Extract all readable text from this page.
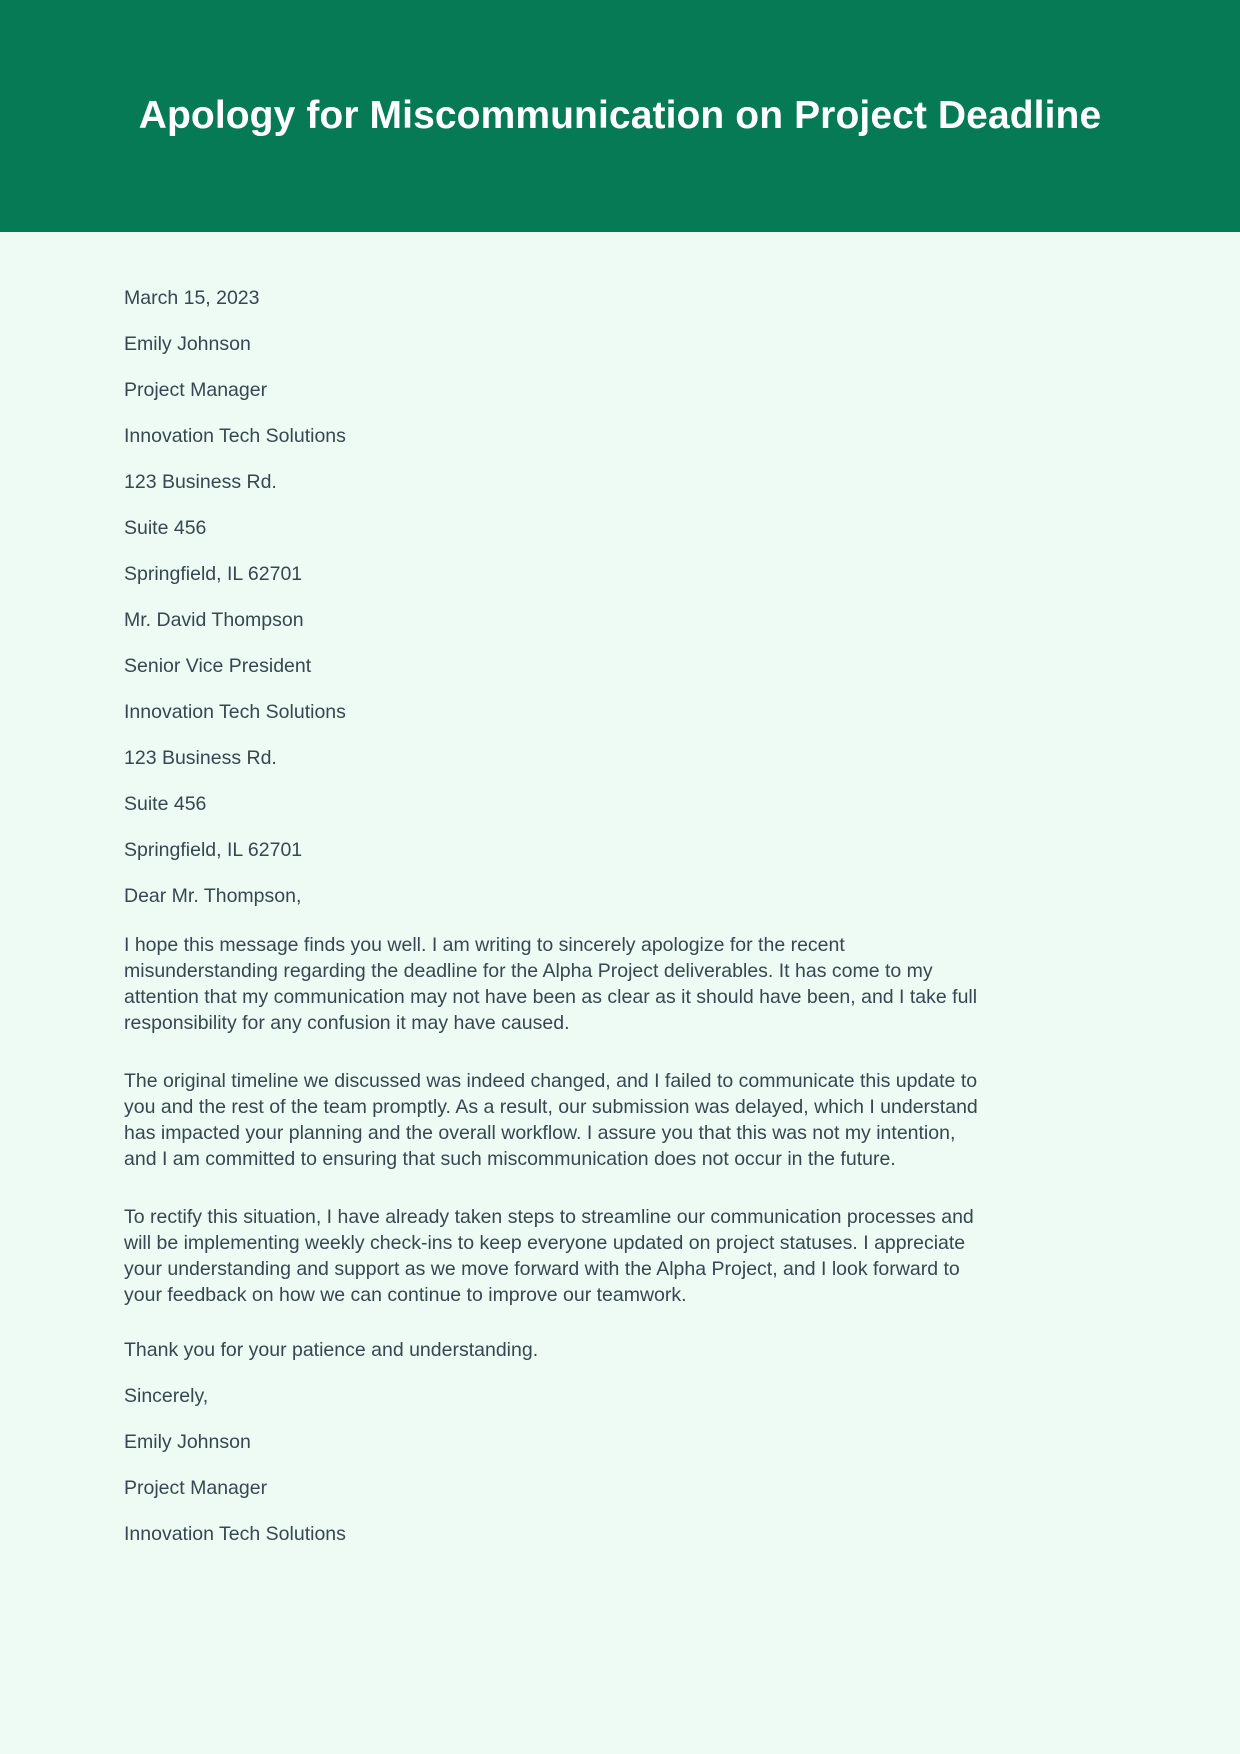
Apology for Miscommunication on Project Deadline

March 15, 2023

Emily Johnson

Project Manager

Innovation Tech Solutions

123 Business Rd.

Suite 456

Springfield, IL 62701

Mr. David Thompson

Senior Vice President

Innovation Tech Solutions

123 Business Rd.

Suite 456

Springfield, IL 62701

Dear Mr. Thompson,

I hope this message finds you well. I am writing to sincerely apologize for the recent misunderstanding regarding the deadline for the Alpha Project deliverables. It has come to my attention that my communication may not have been as clear as it should have been, and I take full responsibility for any confusion it may have caused.

The original timeline we discussed was indeed changed, and I failed to communicate this update to you and the rest of the team promptly. As a result, our submission was delayed, which I understand has impacted your planning and the overall workflow. I assure you that this was not my intention, and I am committed to ensuring that such miscommunication does not occur in the future.

To rectify this situation, I have already taken steps to streamline our communication processes and will be implementing weekly check-ins to keep everyone updated on project statuses. I appreciate your understanding and support as we move forward with the Alpha Project, and I look forward to your feedback on how we can continue to improve our teamwork.

Thank you for your patience and understanding.

Sincerely,

Emily Johnson

Project Manager

Innovation Tech Solutions
